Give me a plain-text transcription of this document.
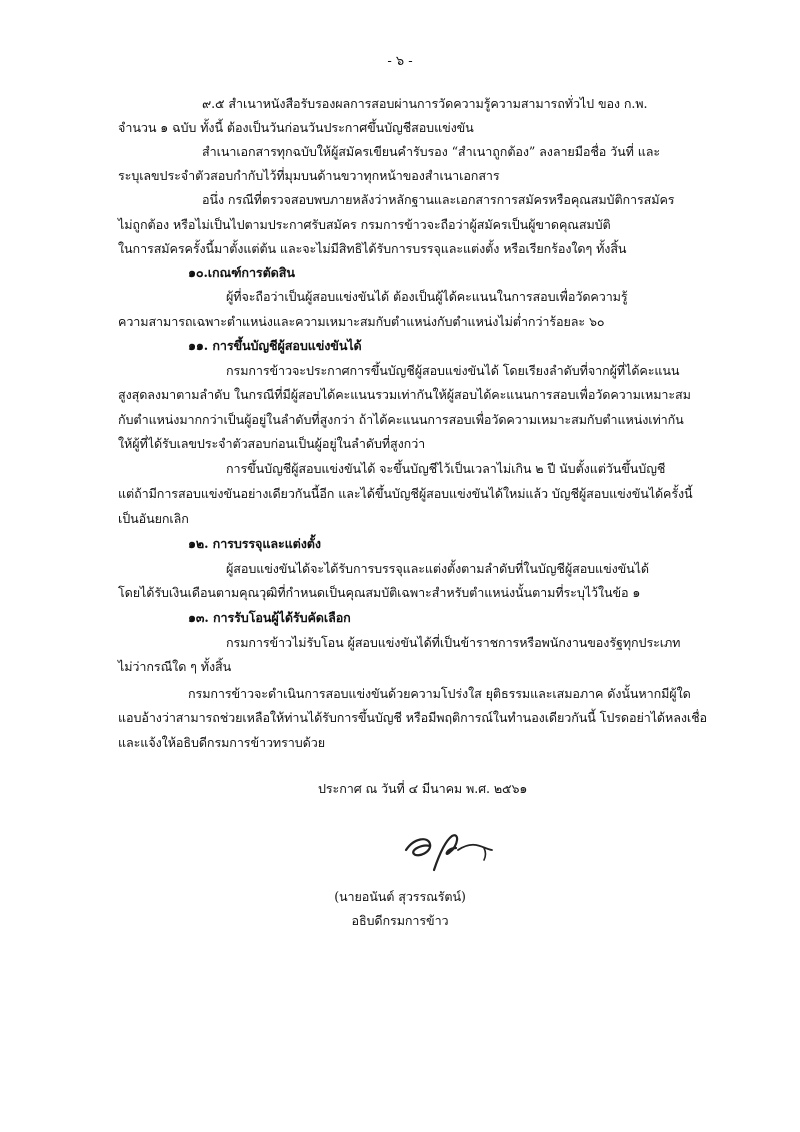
- ๖ -
๙.๕ สำเนาหนังสือรับรองผลการสอบผ่านการวัดความรู้ความสามารถทั่วไป ของ ก.พ.
จำนวน ๑ ฉบับ ทั้งนี้ ต้องเป็นวันก่อนวันประกาศขึ้นบัญชีสอบแข่งขัน
สำเนาเอกสารทุกฉบับให้ผู้สมัครเขียนคำรับรอง “สำเนาถูกต้อง” ลงลายมือชื่อ วันที่ และ
ระบุเลขประจำตัวสอบกำกับไว้ที่มุมบนด้านขวาทุกหน้าของสำเนาเอกสาร
อนึ่ง กรณีที่ตรวจสอบพบภายหลังว่าหลักฐานและเอกสารการสมัครหรือคุณสมบัติการสมัคร
ไม่ถูกต้อง หรือไม่เป็นไปตามประกาศรับสมัคร กรมการข้าวจะถือว่าผู้สมัครเป็นผู้ขาดคุณสมบัติ
ในการสมัครครั้งนี้มาตั้งแต่ต้น และจะไม่มีสิทธิได้รับการบรรจุและแต่งตั้ง หรือเรียกร้องใดๆ ทั้งสิ้น
๑๐.เกณฑ์การตัดสิน
ผู้ที่จะถือว่าเป็นผู้สอบแข่งขันได้ ต้องเป็นผู้ได้คะแนนในการสอบเพื่อวัดความรู้
ความสามารถเฉพาะตำแหน่งและความเหมาะสมกับตำแหน่งกับตำแหน่งไม่ต่ำกว่าร้อยละ ๖๐
๑๑. การขึ้นบัญชีผู้สอบแข่งขันได้
กรมการข้าวจะประกาศการขึ้นบัญชีผู้สอบแข่งขันได้ โดยเรียงลำดับที่จากผู้ที่ได้คะแนน
สูงสุดลงมาตามลำดับ ในกรณีที่มีผู้สอบได้คะแนนรวมเท่ากันให้ผู้สอบได้คะแนนการสอบเพื่อวัดความเหมาะสม
กับตำแหน่งมากกว่าเป็นผู้อยู่ในลำดับที่สูงกว่า ถ้าได้คะแนนการสอบเพื่อวัดความเหมาะสมกับตำแหน่งเท่ากัน
ให้ผู้ที่ได้รับเลขประจำตัวสอบก่อนเป็นผู้อยู่ในลำดับที่สูงกว่า
การขึ้นบัญชีผู้สอบแข่งขันได้ จะขึ้นบัญชีไว้เป็นเวลาไม่เกิน ๒ ปี นับตั้งแต่วันขึ้นบัญชี
แต่ถ้ามีการสอบแข่งขันอย่างเดียวกันนี้อีก และได้ขึ้นบัญชีผู้สอบแข่งขันได้ใหม่แล้ว บัญชีผู้สอบแข่งขันได้ครั้งนี้
เป็นอันยกเลิก
๑๒. การบรรจุและแต่งตั้ง
ผู้สอบแข่งขันได้จะได้รับการบรรจุและแต่งตั้งตามลำดับที่ในบัญชีผู้สอบแข่งขันได้
โดยได้รับเงินเดือนตามคุณวุฒิที่กำหนดเป็นคุณสมบัติเฉพาะสำหรับตำแหน่งนั้นตามที่ระบุไว้ในข้อ ๑
๑๓. การรับโอนผู้ได้รับคัดเลือก
กรมการข้าวไม่รับโอน ผู้สอบแข่งขันได้ที่เป็นข้าราชการหรือพนักงานของรัฐทุกประเภท
ไม่ว่ากรณีใด ๆ ทั้งสิ้น
กรมการข้าวจะดำเนินการสอบแข่งขันด้วยความโปร่งใส ยุติธรรมและเสมอภาค ดังนั้นหากมีผู้ใด
แอบอ้างว่าสามารถช่วยเหลือให้ท่านได้รับการขึ้นบัญชี หรือมีพฤติการณ์ในทำนองเดียวกันนี้ โปรดอย่าได้หลงเชื่อ
และแจ้งให้อธิบดีกรมการข้าวทราบด้วย
ประกาศ ณ วันที่ ๔ มีนาคม พ.ศ. ๒๕๖๑
(นายอนันต์ สุวรรณรัตน์)
อธิบดีกรมการข้าว
